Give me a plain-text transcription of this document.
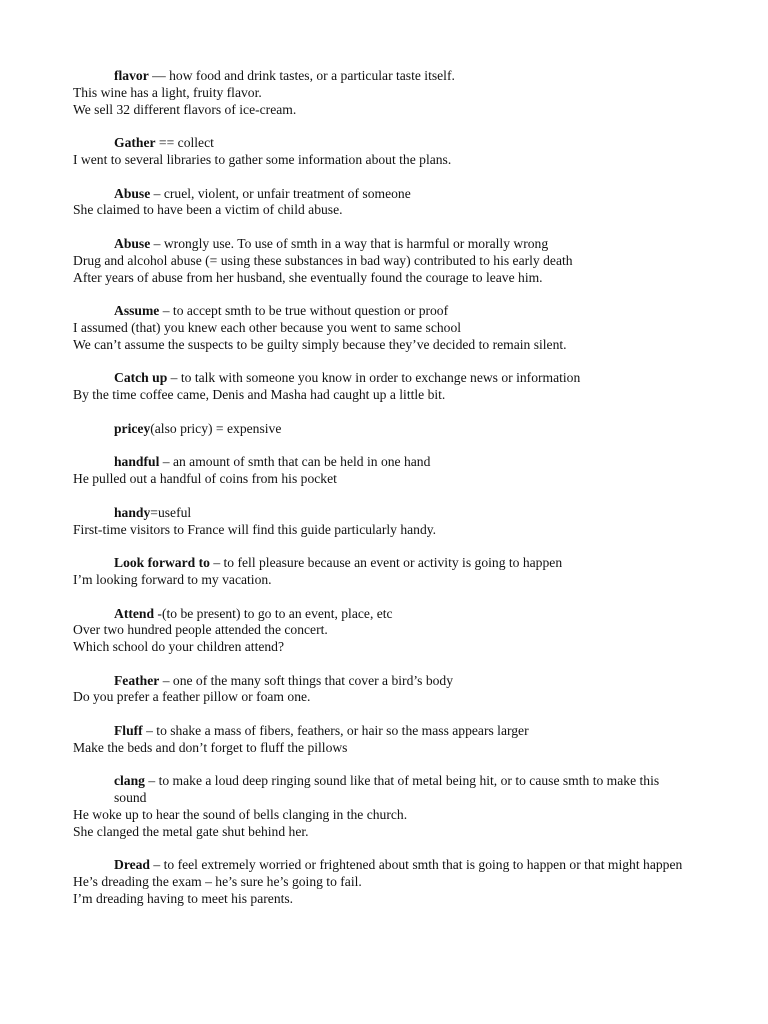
flavor — how food and drink tastes, or a particular taste itself.
This wine has a light, fruity flavor.
We sell 32 different flavors of ice-cream.
Gather == collect
I went to several libraries to gather some information about the plans.
Abuse – cruel, violent, or unfair treatment of someone
She claimed to have been a victim of child abuse.
Abuse – wrongly use. To use of smth in a way that is harmful or morally wrong
Drug and alcohol abuse (= using these substances in bad way) contributed to his early death
After years of abuse from her husband, she eventually found the courage to leave him.
Assume – to accept smth to be true without question or proof
I assumed (that) you knew each other because you went to same school
We can’t assume the suspects to be guilty simply because they’ve decided to remain silent.
Catch up – to talk with someone you know in order to exchange news or information
By the time coffee came, Denis and Masha had caught up a little bit.
pricey(also pricy) = expensive
handful – an amount of smth that can be held in one hand
He pulled out a handful of coins from his pocket
handy=useful
First-time visitors to France will find this guide particularly handy.
Look forward to – to fell pleasure because an event or activity is going to happen
I’m looking forward to my vacation.
Attend -(to be present) to go to an event, place, etc
Over two hundred people attended the concert.
Which school do your children attend?
Feather – one of the many soft things that cover a bird’s body
Do you prefer a feather pillow or foam one.
Fluff – to shake a mass of fibers, feathers, or hair so the mass appears larger
Make the beds and don’t forget to fluff the pillows
clang – to make a loud deep ringing sound like that of metal being hit, or to cause smth to make this sound
He woke up to hear the sound of bells clanging in the church.
She clanged the metal gate shut behind her.
Dread – to feel extremely worried or frightened about smth that is going to happen or that might happen
He’s dreading the exam – he’s sure he’s going to fail.
I’m dreading having to meet his parents.
